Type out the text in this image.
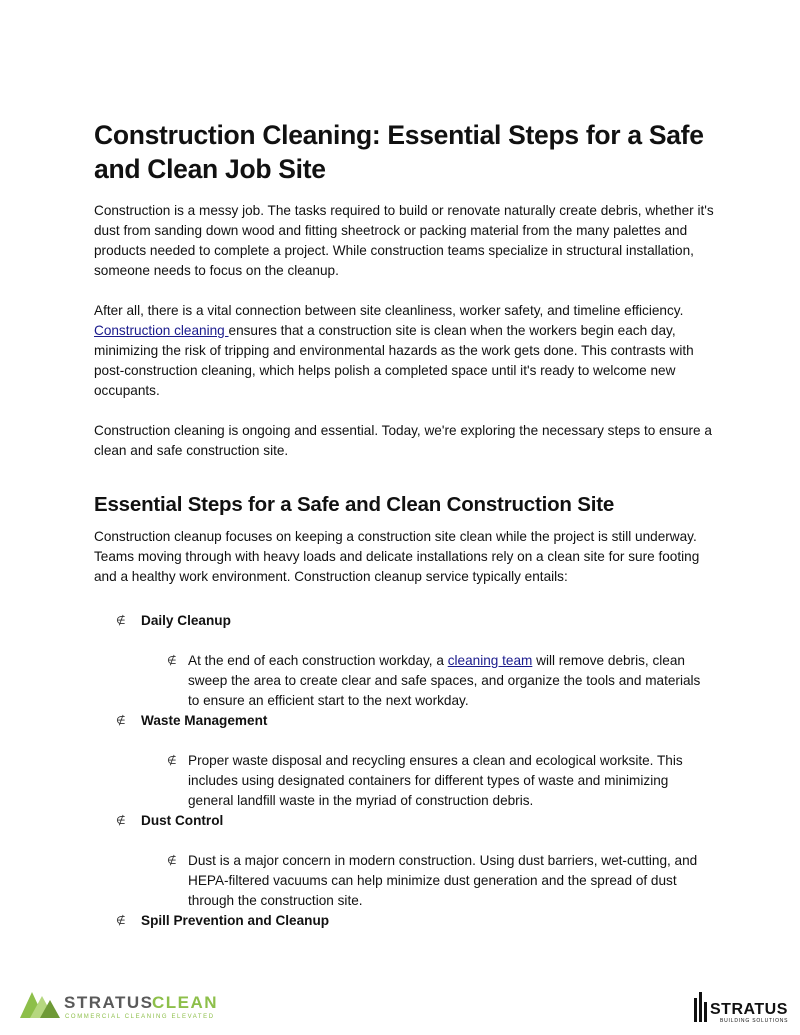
Construction Cleaning: Essential Steps for a Safe and Clean Job Site

Construction is a messy job. The tasks required to build or renovate naturally create debris, whether it's dust from sanding down wood and fitting sheetrock or packing material from the many palettes and products needed to complete a project. While construction teams specialize in structural installation, someone needs to focus on the cleanup.

After all, there is a vital connection between site cleanliness, worker safety, and timeline efficiency. Construction cleaning ensures that a construction site is clean when the workers begin each day, minimizing the risk of tripping and environmental hazards as the work gets done. This contrasts with post-construction cleaning, which helps polish a completed space until it's ready to welcome new occupants.

Construction cleaning is ongoing and essential. Today, we're exploring the necessary steps to ensure a clean and safe construction site.

Essential Steps for a Safe and Clean Construction Site

Construction cleanup focuses on keeping a construction site clean while the project is still underway. Teams moving through with heavy loads and delicate installations rely on a clean site for sure footing and a healthy work environment. Construction cleanup service typically entails:

∉ Daily Cleanup
∉ At the end of each construction workday, a cleaning team will remove debris, clean sweep the area to create clear and safe spaces, and organize the tools and materials to ensure an efficient start to the next workday.
∉ Waste Management
∉ Proper waste disposal and recycling ensures a clean and ecological worksite. This includes using designated containers for different types of waste and minimizing general landfill waste in the myriad of construction debris.
∉ Dust Control
∉ Dust is a major concern in modern construction. Using dust barriers, wet-cutting, and HEPA-filtered vacuums can help minimize dust generation and the spread of dust through the construction site.
∉ Spill Prevention and Cleanup
STRATUS
CLEAN
COMMERCIAL CLEANING ELEVATED	STRATUS
BUILDING SOLUTIONS
